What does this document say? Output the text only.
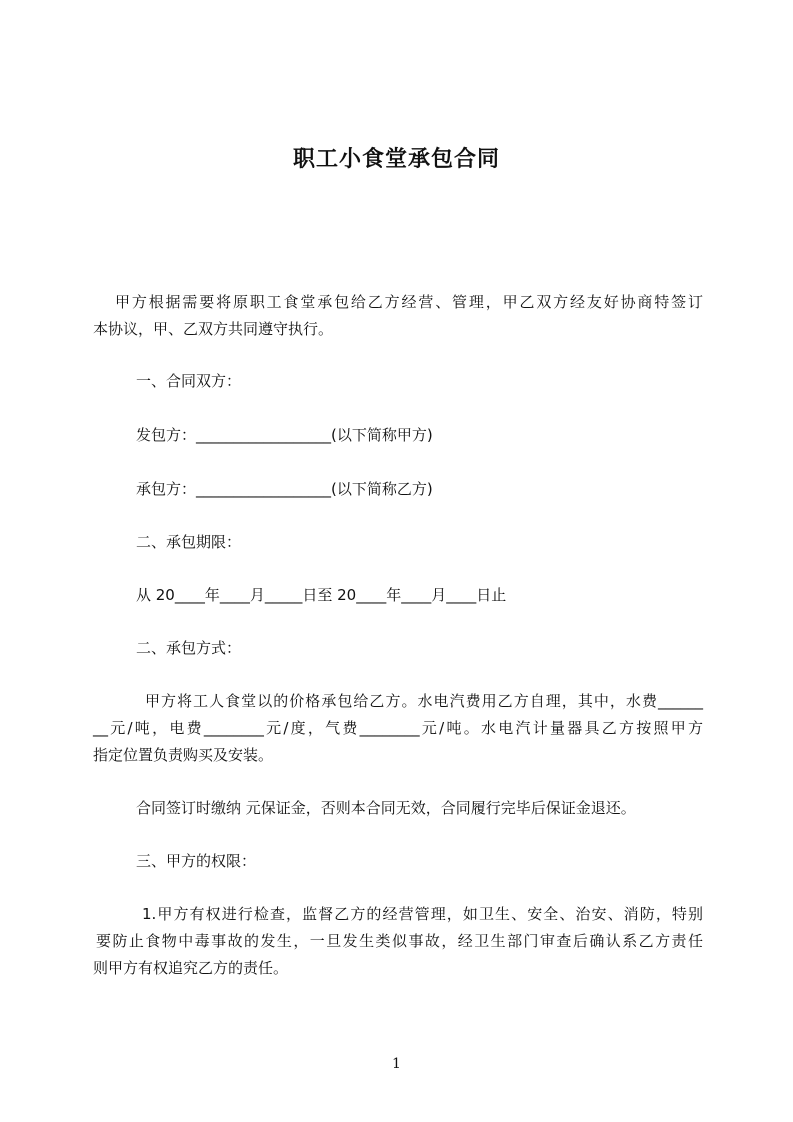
职工小食堂承包合同
甲方根据需要将原职工食堂承包给乙方经营、管理，甲乙双方经友好协商特签订
本协议，甲、乙双方共同遵守执行。
一、合同双方：
发包方：__________________(以下简称甲方)
承包方：__________________(以下简称乙方)
二、承包期限：
从 20____年____月_____日至 20____年____月____日止
二、承包方式：
甲方将工人食堂以的价格承包给乙方。水电汽费用乙方自理，其中，水费______
__元/吨，电费________元/度，气费________元/吨。水电汽计量器具乙方按照甲方
指定位置负责购买及安装。
合同签订时缴纳 元保证金，否则本合同无效，合同履行完毕后保证金退还。
三、甲方的权限：
1.甲方有权进行检查，监督乙方的经营管理，如卫生、安全、治安、消防，特别
要防止食物中毒事故的发生，一旦发生类似事故，经卫生部门审查后确认系乙方责任
则甲方有权追究乙方的责任。
1
